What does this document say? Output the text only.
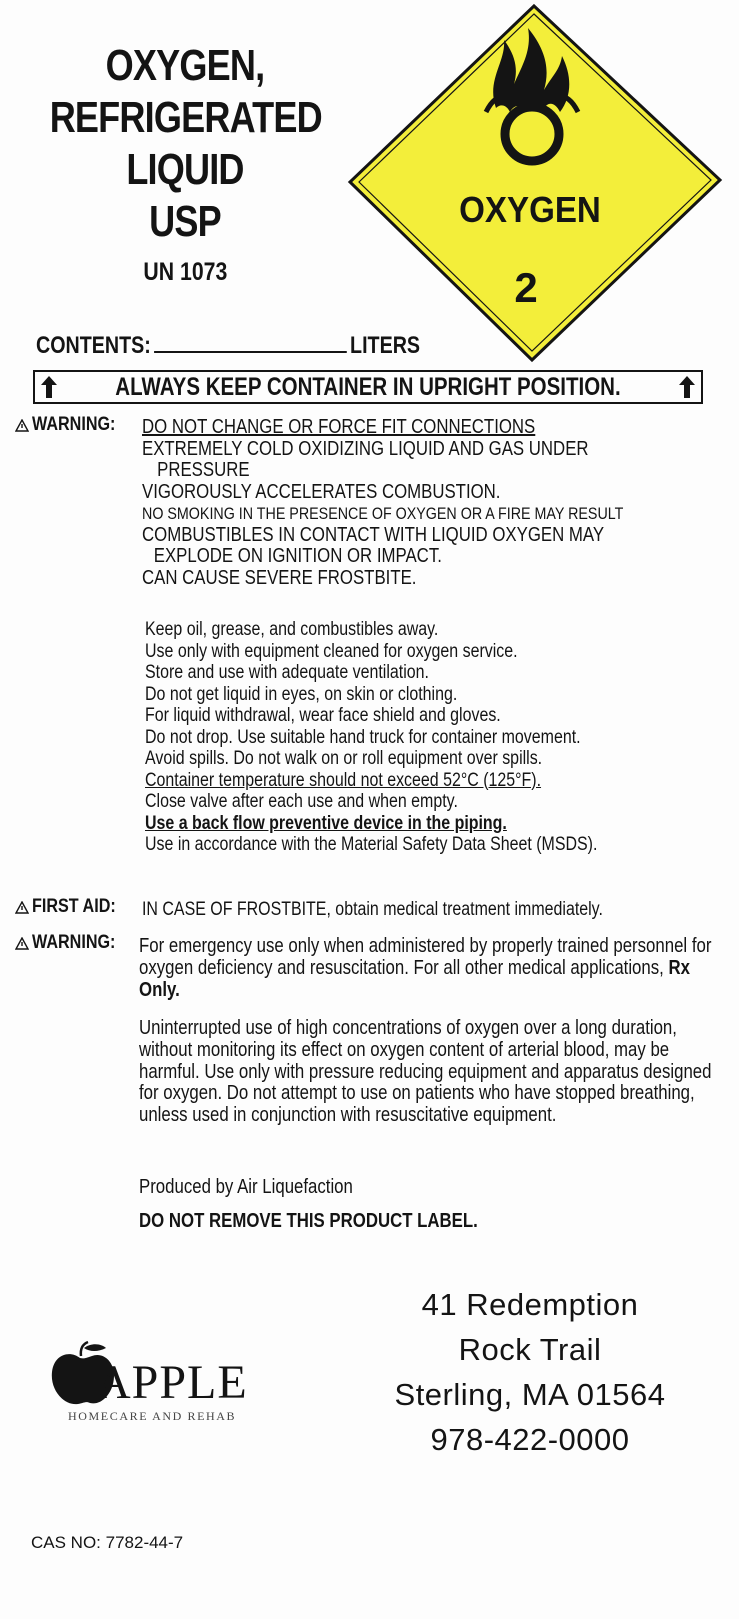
OXYGEN,
REFRIGERATED
LIQUID
USP
UN 1073
OXYGEN
2
CONTENTS:	LITERS
ALWAYS KEEP CONTAINER IN UPRIGHT POSITION.
WARNING: DO NOT CHANGE OR FORCE FIT CONNECTIONS

EXTREMELY COLD OXIDIZING LIQUID AND GAS UNDER

PRESSURE

VIGOROUSLY ACCELERATES COMBUSTION.

NO SMOKING IN THE PRESENCE OF OXYGEN OR A FIRE MAY RESULT

COMBUSTIBLES IN CONTACT WITH LIQUID OXYGEN MAY

EXPLODE ON IGNITION OR IMPACT.

CAN CAUSE SEVERE FROSTBITE.

Keep oil, grease, and combustibles away.

Use only with equipment cleaned for oxygen service.

Store and use with adequate ventilation.

Do not get liquid in eyes, on skin or clothing.

For liquid withdrawal, wear face shield and gloves.

Do not drop. Use suitable hand truck for container movement.

Avoid spills. Do not walk on or roll equipment over spills.

Container temperature should not exceed 52°C (125°F).

Close valve after each use and when empty.

Use a back flow preventive device in the piping.

Use in accordance with the Material Safety Data Sheet (MSDS).

FIRST AID: IN CASE OF FROSTBITE, obtain medical treatment immediately.

WARNING: For emergency use only when administered by properly trained personnel for oxygen deficiency and resuscitation. For all other medical applications, Rx Only.
Uninterrupted use of high concentrations of oxygen over a long duration, without monitoring its effect on oxygen content of arterial blood, may be harmful. Use only with pressure reducing equipment and apparatus designed for oxygen. Do not attempt to use on patients who have stopped breathing, unless used in conjunction with resuscitative equipment.
Produced by Air Liquefaction
DO NOT REMOVE THIS PRODUCT LABEL.
APPLE
HOMECARE AND REHAB
41 Redemption
Rock Trail
Sterling, MA 01564
978-422-0000
CAS NO: 7782-44-7
